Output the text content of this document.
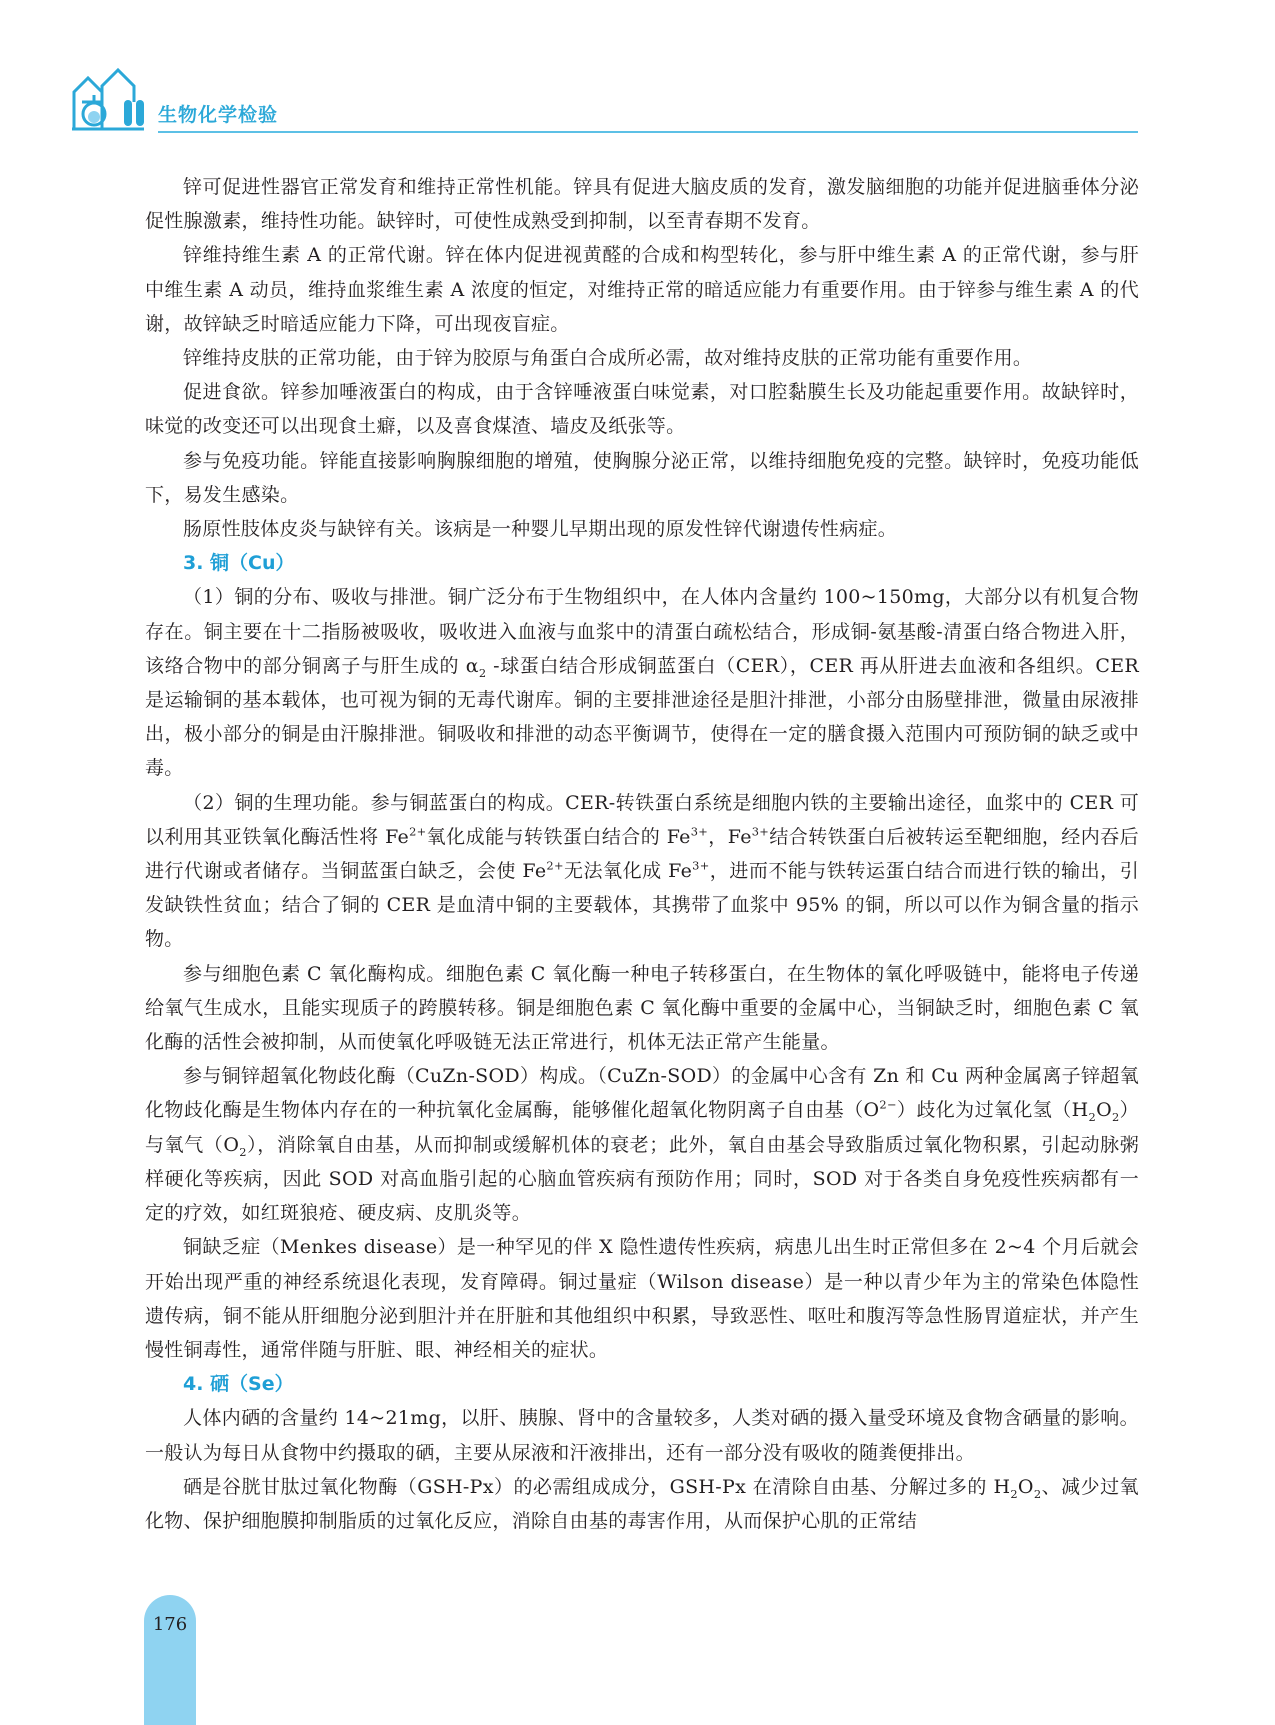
生物化学检验

锌可促进性器官正常发育和维持正常性机能。锌具有促进大脑皮质的发育，激发脑细胞的功能并促进脑垂体分泌促性腺激素，维持性功能。缺锌时，可使性成熟受到抑制，以至青春期不发育。

锌维持维生素 A 的正常代谢。锌在体内促进视黄醛的合成和构型转化，参与肝中维生素 A 的正常代谢，参与肝中维生素 A 动员，维持血浆维生素 A 浓度的恒定，对维持正常的暗适应能力有重要作用。由于锌参与维生素 A 的代谢，故锌缺乏时暗适应能力下降，可出现夜盲症。

锌维持皮肤的正常功能，由于锌为胶原与角蛋白合成所必需，故对维持皮肤的正常功能有重要作用。

促进食欲。锌参加唾液蛋白的构成，由于含锌唾液蛋白味觉素，对口腔黏膜生长及功能起重要作用。故缺锌时，味觉的改变还可以出现食土癖，以及喜食煤渣、墙皮及纸张等。

参与免疫功能。锌能直接影响胸腺细胞的增殖，使胸腺分泌正常，以维持细胞免疫的完整。缺锌时，免疫功能低下，易发生感染。

肠原性肢体皮炎与缺锌有关。该病是一种婴儿早期出现的原发性锌代谢遗传性病症。

3. 铜（Cu）

（1）铜的分布、吸收与排泄。铜广泛分布于生物组织中，在人体内含量约 100~150mg，大部分以有机复合物存在。铜主要在十二指肠被吸收，吸收进入血液与血浆中的清蛋白疏松结合，形成铜-氨基酸-清蛋白络合物进入肝，该络合物中的部分铜离子与肝生成的 $\alpha_2$ -球蛋白结合形成铜蓝蛋白（CER），CER 再从肝进去血液和各组织。CER 是运输铜的基本载体，也可视为铜的无毒代谢库。铜的主要排泄途径是胆汁排泄，小部分由肠壁排泄，微量由尿液排出，极小部分的铜是由汗腺排泄。铜吸收和排泄的动态平衡调节，使得在一定的膳食摄入范围内可预防铜的缺乏或中毒。

（2）铜的生理功能。参与铜蓝蛋白的构成。CER-转铁蛋白系统是细胞内铁的主要输出途径，血浆中的 CER 可以利用其亚铁氧化酶活性将 $Fe^{2+}$氧化成能与转铁蛋白结合的 $Fe^{3+}$，$Fe^{3+}$结合转铁蛋白后被转运至靶细胞，经内吞后进行代谢或者储存。当铜蓝蛋白缺乏，会使 $Fe^{2+}$无法氧化成 $Fe^{3+}$，进而不能与铁转运蛋白结合而进行铁的输出，引发缺铁性贫血；结合了铜的 CER 是血清中铜的主要载体，其携带了血浆中 95% 的铜，所以可以作为铜含量的指示物。

参与细胞色素 C 氧化酶构成。细胞色素 C 氧化酶一种电子转移蛋白，在生物体的氧化呼吸链中，能将电子传递给氧气生成水，且能实现质子的跨膜转移。铜是细胞色素 C 氧化酶中重要的金属中心，当铜缺乏时，细胞色素 C 氧化酶的活性会被抑制，从而使氧化呼吸链无法正常进行，机体无法正常产生能量。

参与铜锌超氧化物歧化酶（CuZn-SOD）构成。（CuZn-SOD）的金属中心含有 Zn 和 Cu 两种金属离子锌超氧化物歧化酶是生物体内存在的一种抗氧化金属酶，能够催化超氧化物阴离子自由基$(O^{2-})$歧化为过氧化氢$(H_2O_2)$与氧气$(O_2)$，消除氧自由基，从而抑制或缓解机体的衰老；此外，氧自由基会导致脂质过氧化物积累，引起动脉粥样硬化等疾病，因此 SOD 对高血脂引起的心脑血管疾病有预防作用；同时，SOD 对于各类自身免疫性疾病都有一定的疗效，如红斑狼疮、硬皮病、皮肌炎等。

铜缺乏症（Menkes disease）是一种罕见的伴 X 隐性遗传性疾病，病患儿出生时正常但多在 2~4 个月后就会开始出现严重的神经系统退化表现，发育障碍。铜过量症（Wilson disease）是一种以青少年为主的常染色体隐性遗传病，铜不能从肝细胞分泌到胆汁并在肝脏和其他组织中积累，导致恶性、呕吐和腹泻等急性肠胃道症状，并产生慢性铜毒性，通常伴随与肝脏、眼、神经相关的症状。

4. 硒（Se）

人体内硒的含量约 14~21mg，以肝、胰腺、肾中的含量较多，人类对硒的摄入量受环境及食物含硒量的影响。一般认为每日从食物中约摄取的硒，主要从尿液和汗液排出，还有一部分没有吸收的随粪便排出。

硒是谷胱甘肽过氧化物酶（GSH-Px）的必需组成成分，GSH-Px 在清除自由基、分解过多的 $H_2O_2$、减少过氧化物、保护细胞膜抑制脂质的过氧化反应，消除自由基的毒害作用，从而保护心肌的正常结

176
